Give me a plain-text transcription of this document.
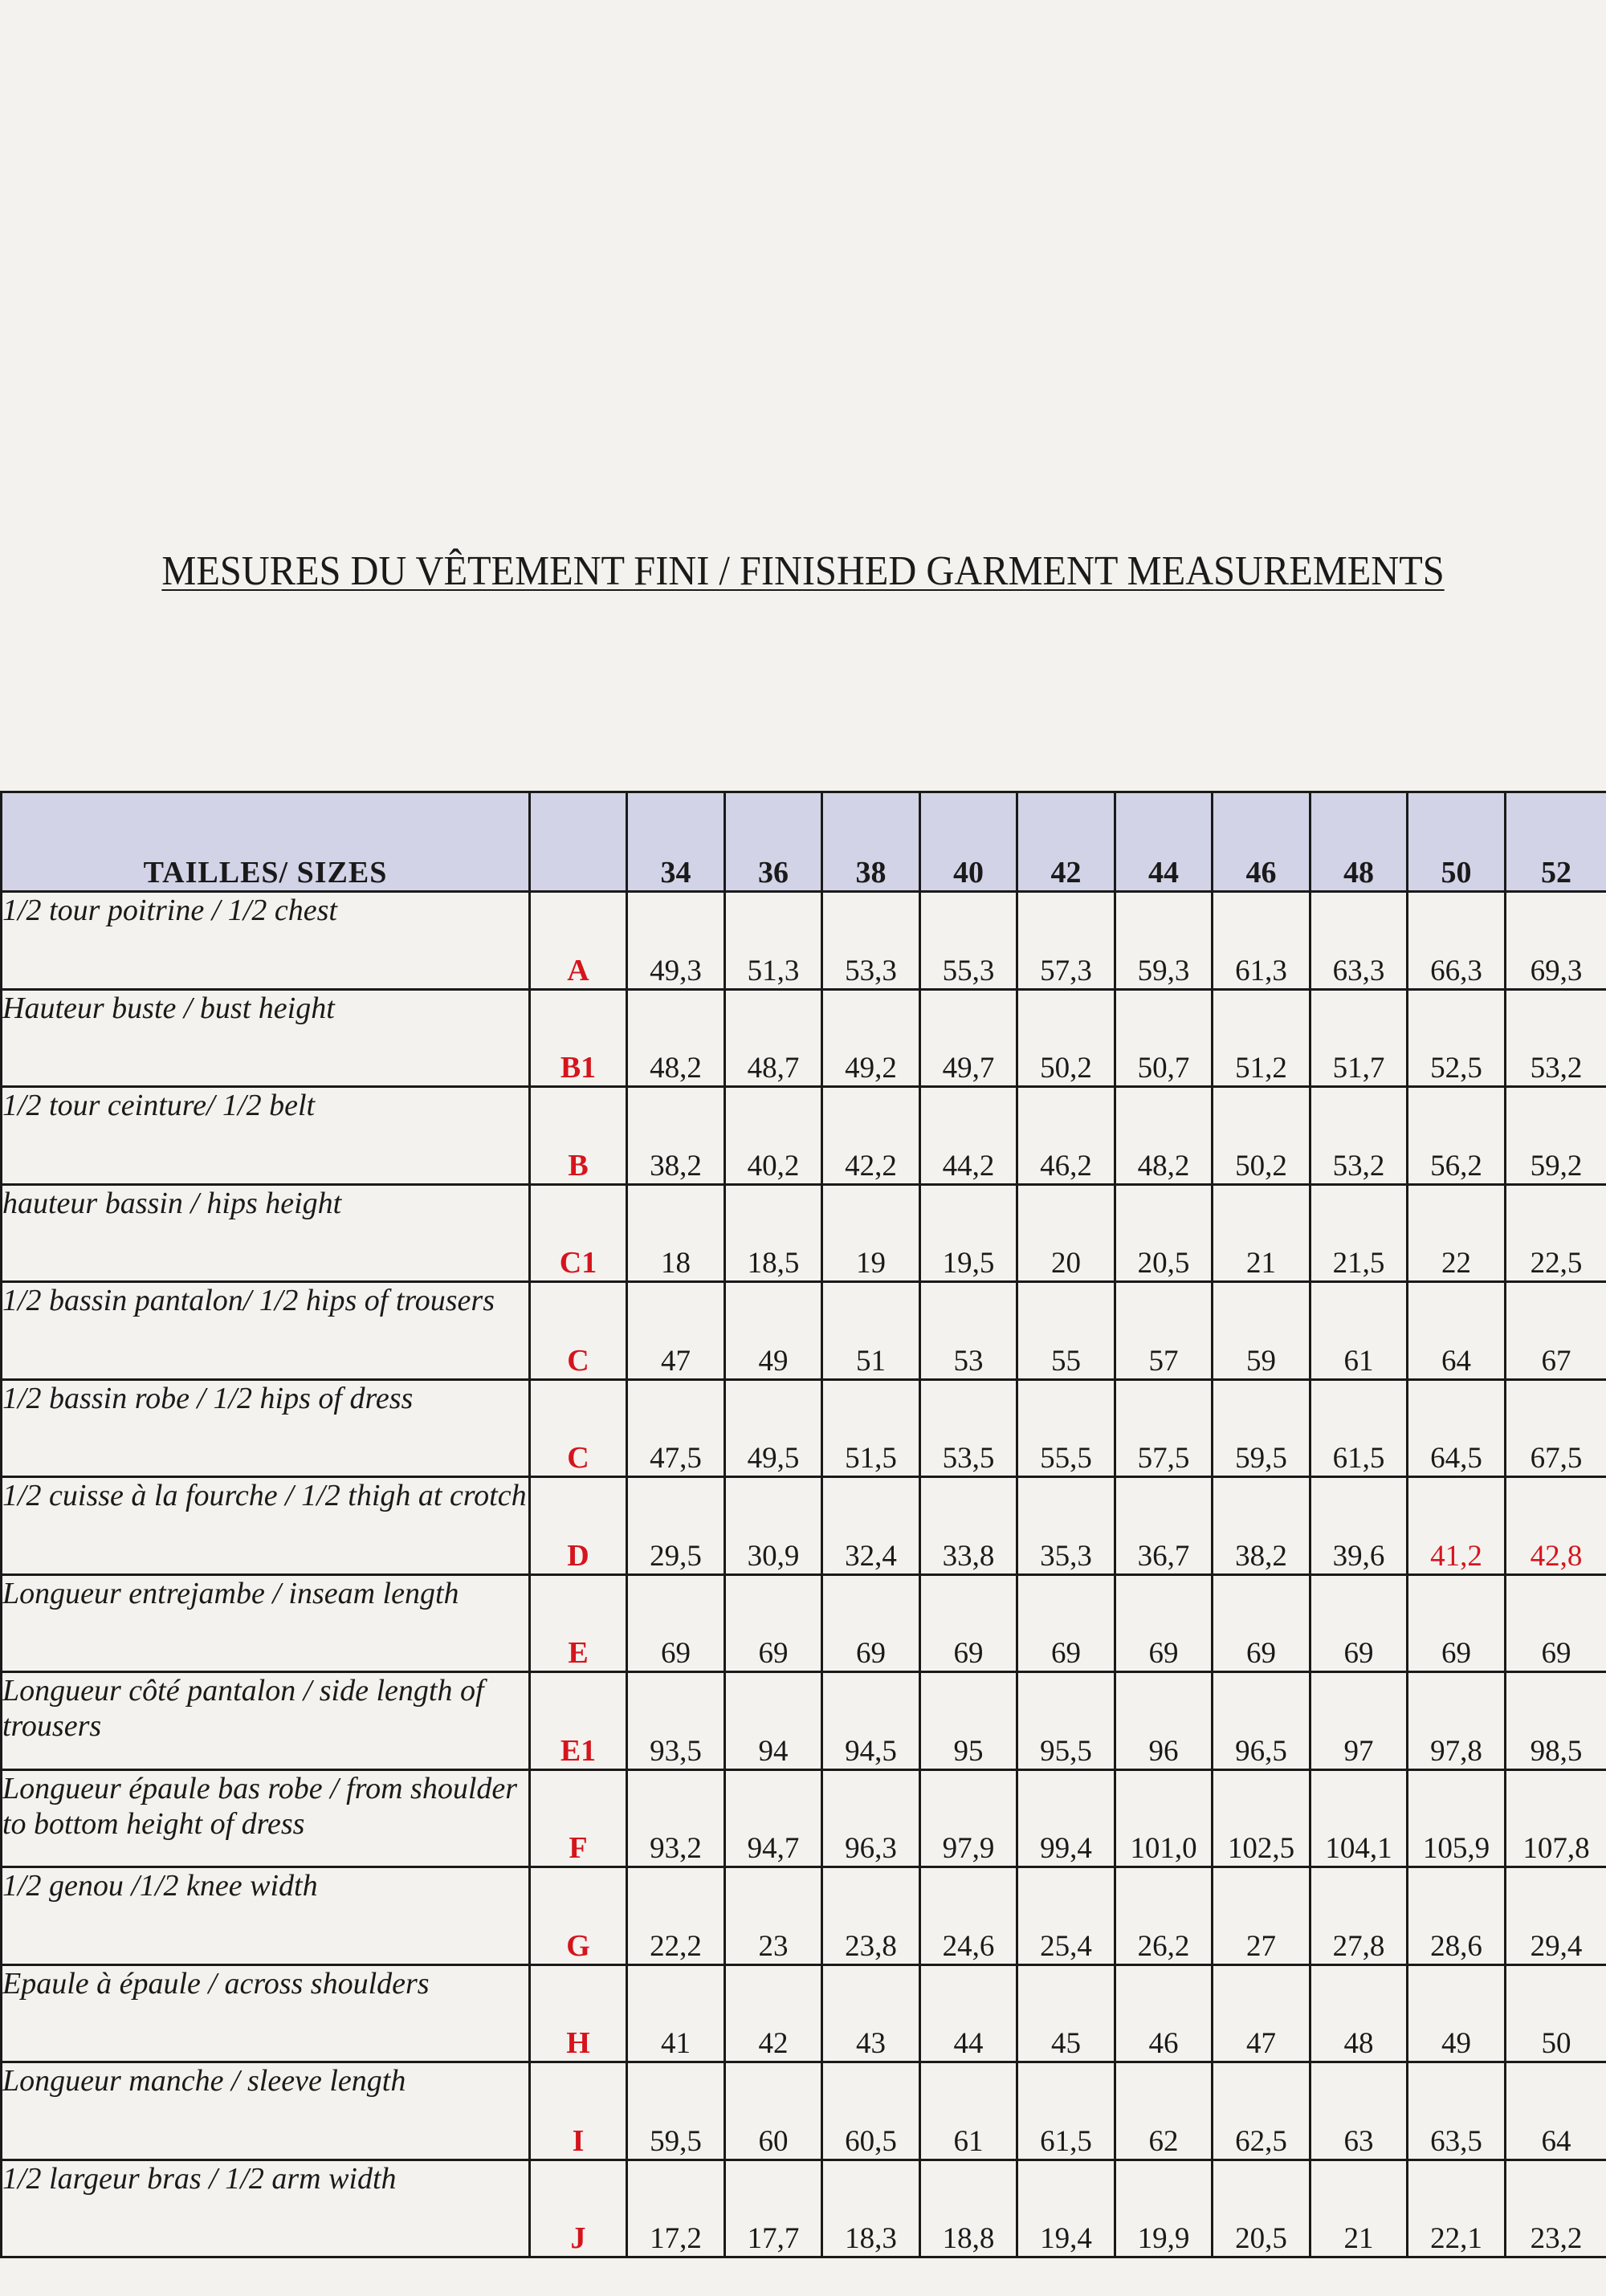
MESURES DU VÊTEMENT FINI / FINISHED GARMENT MEASUREMENTS
TAILLES/ SIZES		34	36	38	40	42	44	46	48	50	52
1/2 tour poitrine / 1/2 chest	A	49,3	51,3	53,3	55,3	57,3	59,3	61,3	63,3	66,3	69,3
Hauteur buste / bust height	B1	48,2	48,7	49,2	49,7	50,2	50,7	51,2	51,7	52,5	53,2
1/2 tour ceinture/ 1/2 belt	B	38,2	40,2	42,2	44,2	46,2	48,2	50,2	53,2	56,2	59,2
hauteur bassin / hips height	C1	18	18,5	19	19,5	20	20,5	21	21,5	22	22,5
1/2 bassin pantalon/ 1/2 hips of trousers	C	47	49	51	53	55	57	59	61	64	67
1/2 bassin robe / 1/2 hips of dress	C	47,5	49,5	51,5	53,5	55,5	57,5	59,5	61,5	64,5	67,5
1/2 cuisse à la fourche / 1/2 thigh at crotch	D	29,5	30,9	32,4	33,8	35,3	36,7	38,2	39,6	41,2	42,8
Longueur entrejambe / inseam length	E	69	69	69	69	69	69	69	69	69	69
Longueur côté pantalon / side length of trousers	E1	93,5	94	94,5	95	95,5	96	96,5	97	97,8	98,5
Longueur épaule bas robe / from shoulder to bottom height of dress	F	93,2	94,7	96,3	97,9	99,4	101,0	102,5	104,1	105,9	107,8
1/2 genou /1/2 knee width	G	22,2	23	23,8	24,6	25,4	26,2	27	27,8	28,6	29,4
Epaule à épaule / across shoulders	H	41	42	43	44	45	46	47	48	49	50
Longueur manche / sleeve length	I	59,5	60	60,5	61	61,5	62	62,5	63	63,5	64
1/2 largeur bras / 1/2 arm width	J	17,2	17,7	18,3	18,8	19,4	19,9	20,5	21	22,1	23,2
